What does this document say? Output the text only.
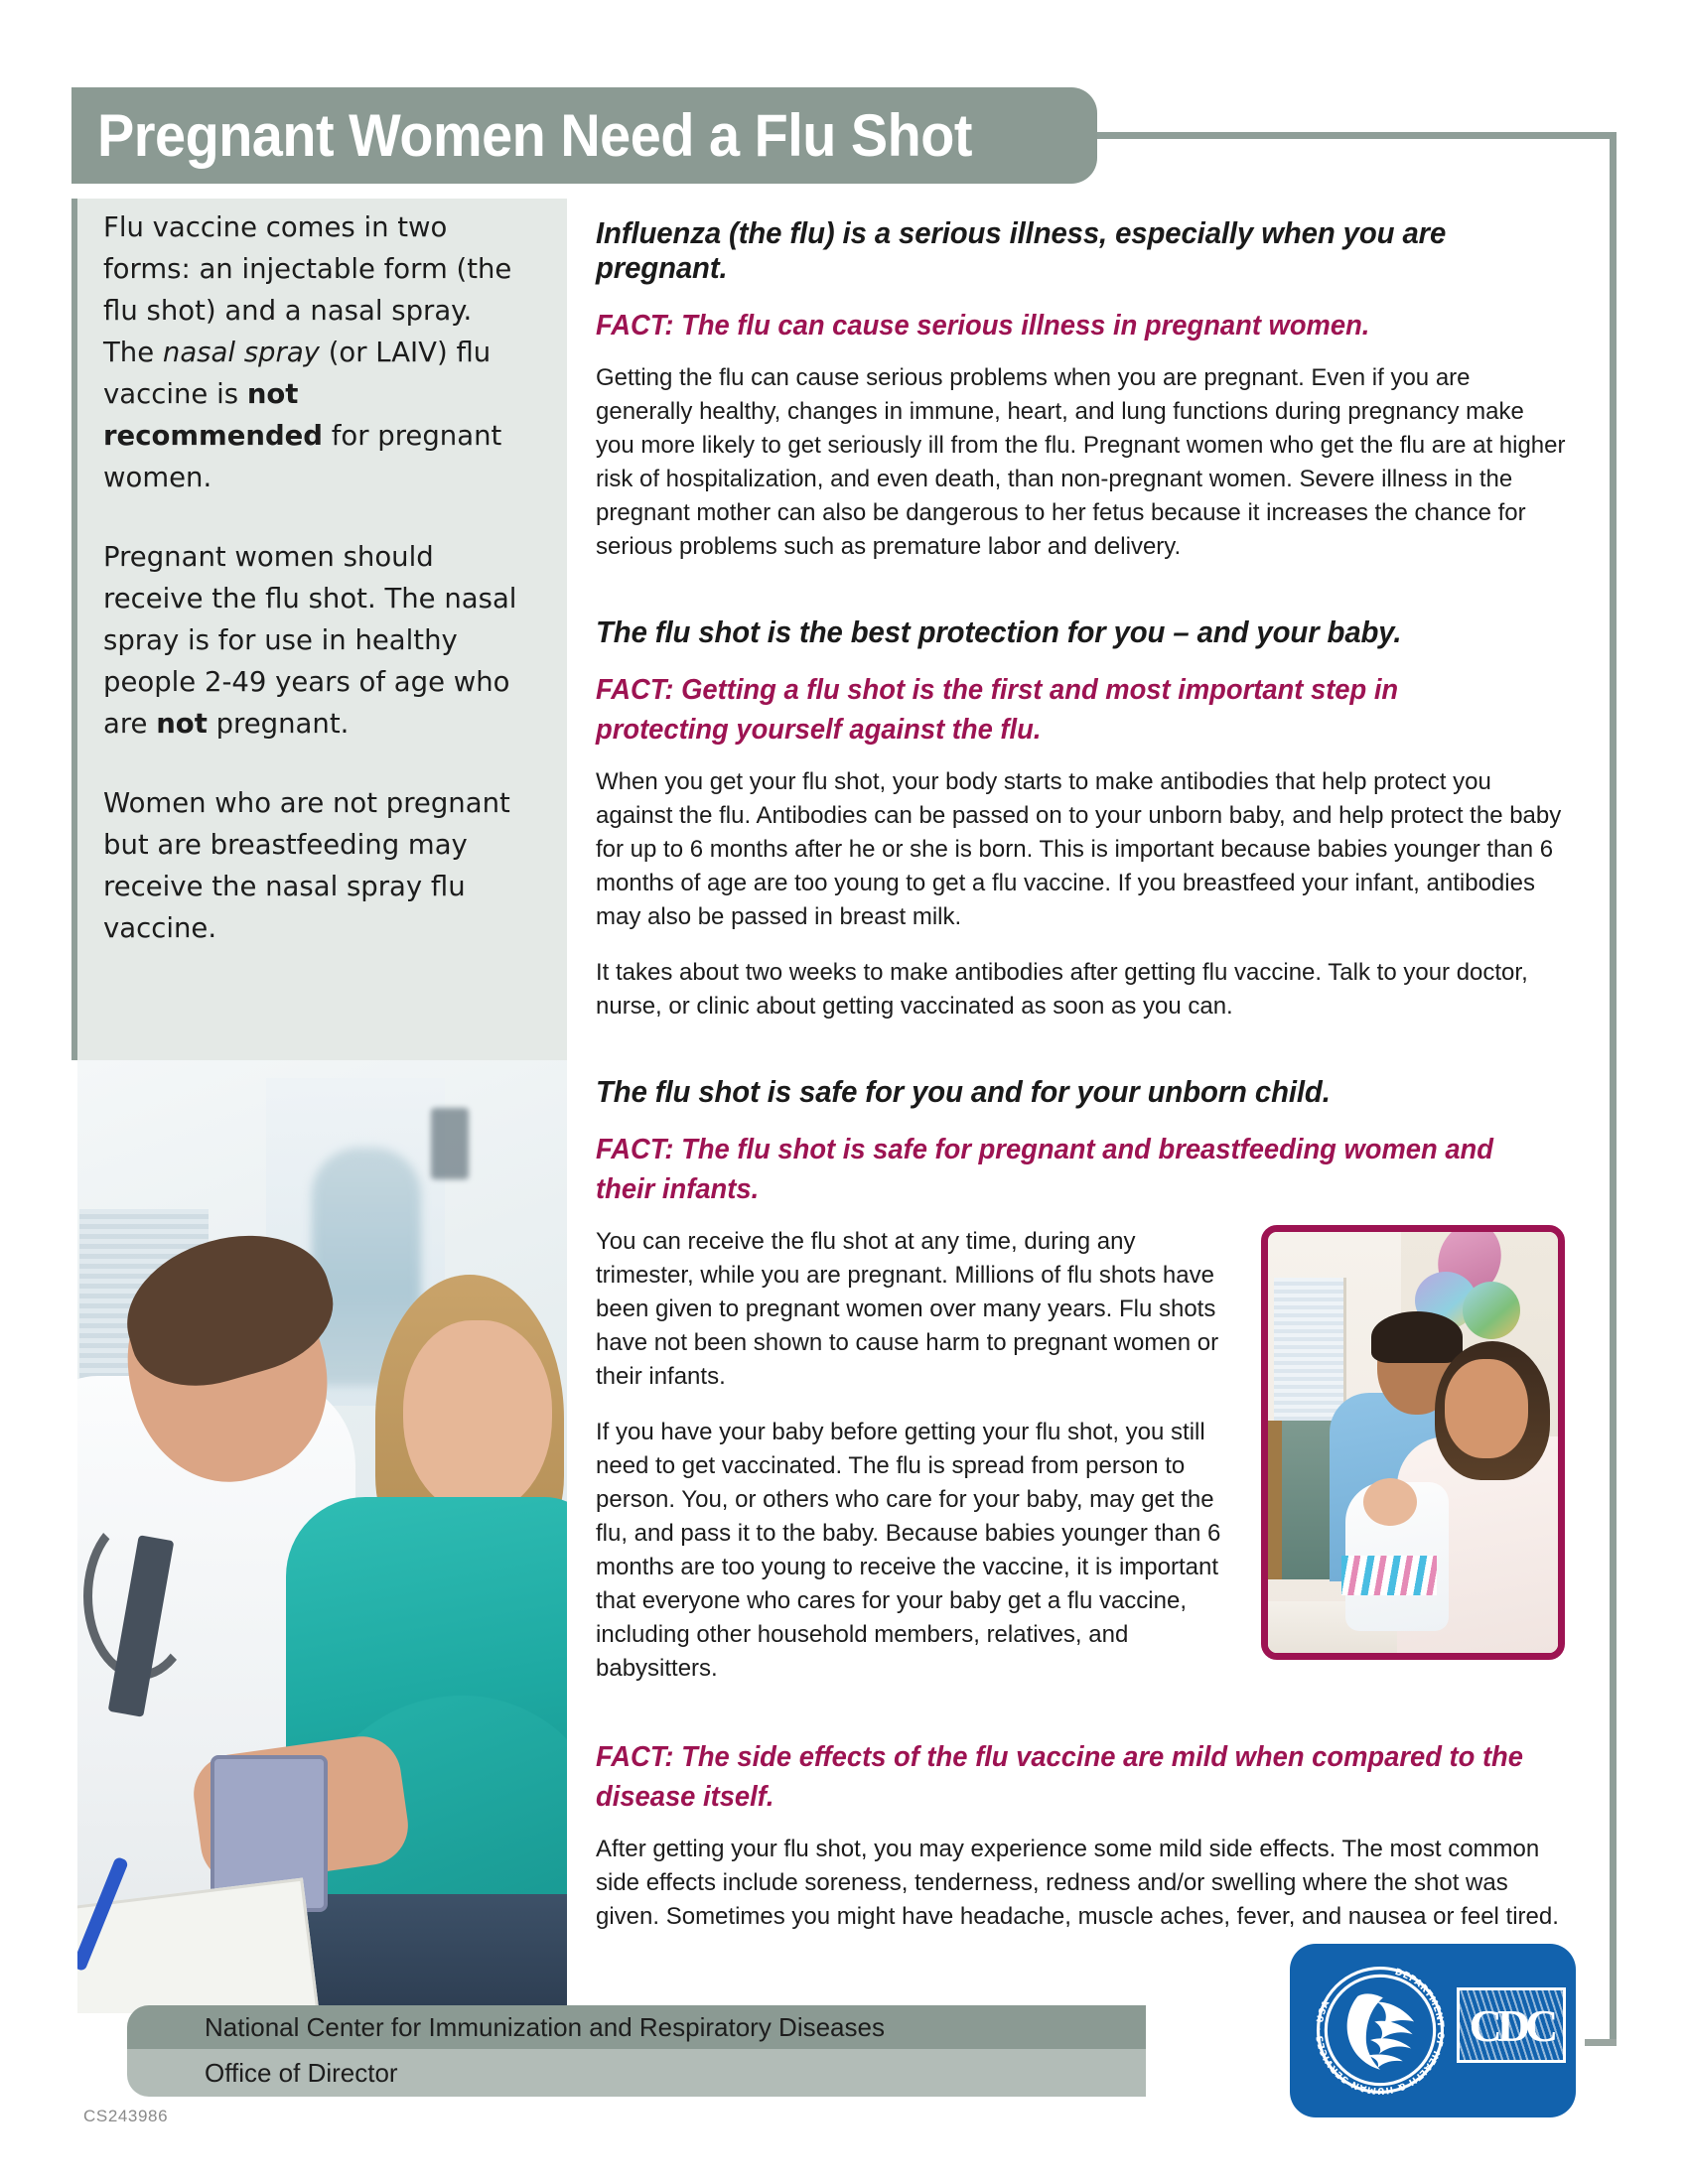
Pregnant Women Need a Flu Shot

Flu vaccine comes in two forms: an injectable form (the flu shot) and a nasal spray. The nasal spray (or LAIV) flu vaccine is not recommended for pregnant women.

Pregnant women should receive the flu shot. The nasal spray is for use in healthy people 2-49 years of age who are not pregnant.

Women who are not pregnant but are breastfeeding may receive the nasal spray flu vaccine.

Influenza (the flu) is a serious illness, especially when you are pregnant.
FACT: The flu can cause serious illness in pregnant women.

Getting the flu can cause serious problems when you are pregnant. Even if you are generally healthy, changes in immune, heart, and lung functions during pregnancy make you more likely to get seriously ill from the flu. Pregnant women who get the flu are at higher risk of hospitalization, and even death, than non-pregnant women. Severe illness in the pregnant mother can also be dangerous to her fetus because it increases the chance for serious problems such as premature labor and delivery.

The flu shot is the best protection for you – and your baby.
FACT: Getting a flu shot is the first and most important step in protecting yourself against the flu.

When you get your flu shot, your body starts to make antibodies that help protect you against the flu. Antibodies can be passed on to your unborn baby, and help protect the baby for up to 6 months after he or she is born. This is important because babies younger than 6 months of age are too young to get a flu vaccine. If you breastfeed your infant, antibodies may also be passed in breast milk.

It takes about two weeks to make antibodies after getting flu vaccine. Talk to your doctor, nurse, or clinic about getting vaccinated as soon as you can.

The flu shot is safe for you and for your unborn child.
FACT: The flu shot is safe for pregnant and breastfeeding women and their infants.

You can receive the flu shot at any time, during any trimester, while you are pregnant. Millions of flu shots have been given to pregnant women over many years. Flu shots have not been shown to cause harm to pregnant women or their infants.

If you have your baby before getting your flu shot, you still need to get vaccinated. The flu is spread from person to person. You, or others who care for your baby, may get the flu, and pass it to the baby. Because babies younger than 6 months are too young to receive the vaccine, it is important that everyone who cares for your baby get a flu vaccine, including other household members, relatives, and babysitters.

FACT: The side effects of the flu vaccine are mild when compared to the disease itself.

After getting your flu shot, you may experience some mild side effects. The most common side effects include soreness, tenderness, redness and/or swelling where the shot was given. Sometimes you might have headache, muscle aches, fever, and nausea or feel tired.

National Center for Immunization and Respiratory Diseases
Office of Director
CS243986
DEPARTMENT OF HEALTH & HUMAN SERVICES · USA	CDC
